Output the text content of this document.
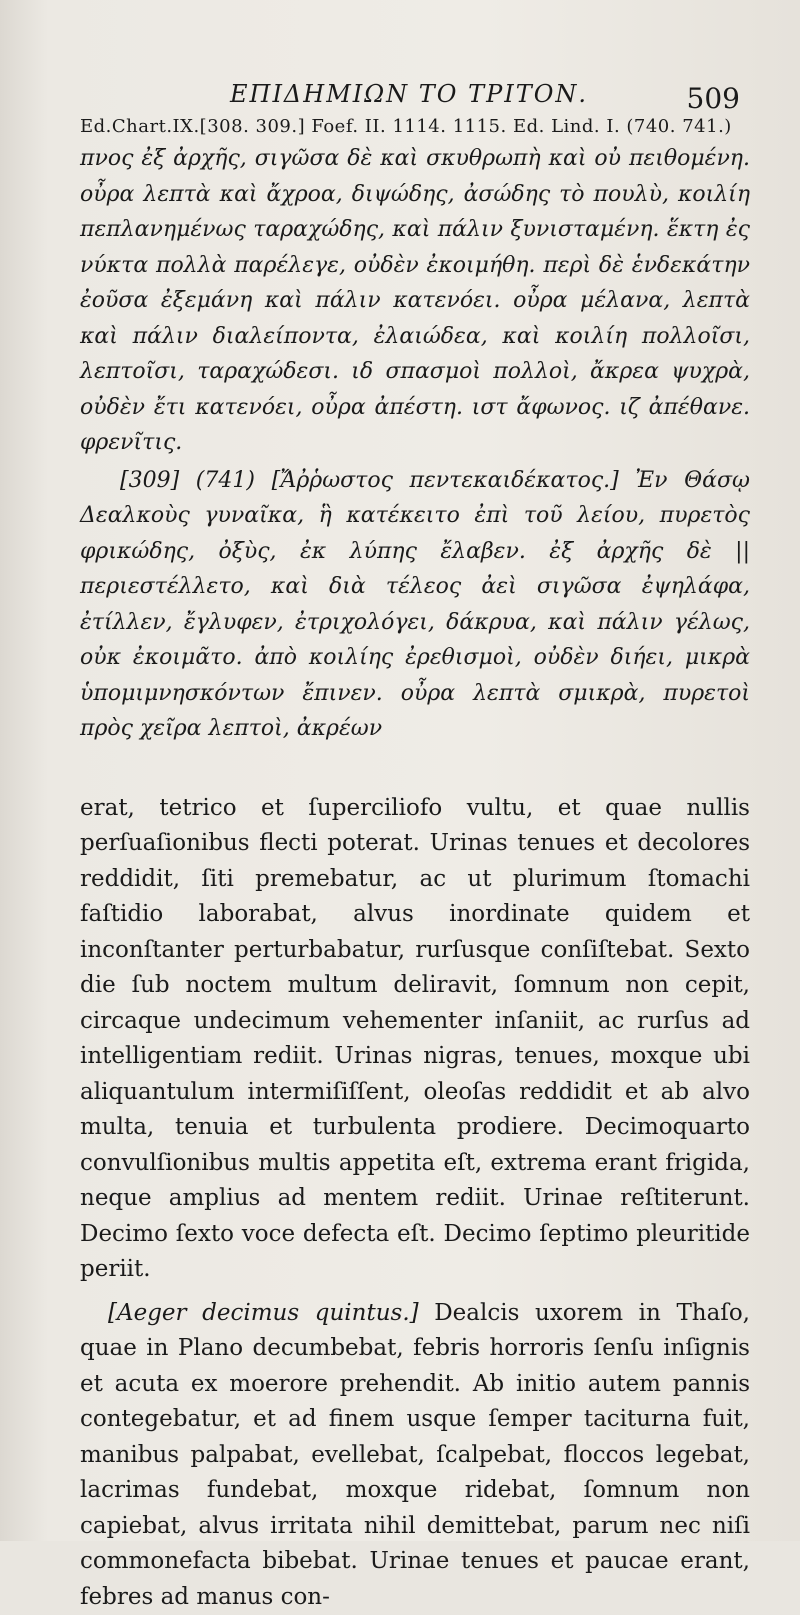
ΕΠΙΔΗΜΙΩΝ ΤΟ ΤΡΙΤΟΝ.	509
Ed.Chart.IX.[308. 309.] Foef. II. 1114. 1115. Ed. Lind. I. (740. 741.)

πνος ἐξ ἀρχῆς, σιγῶσα δὲ καὶ σκυθρωπὴ καὶ οὐ πειθομένη. οὖρα λεπτὰ καὶ ἄχροα, διψώδης, ἀσώδης τὸ πουλὺ, κοιλίη πεπλανημένως ταραχώδης, καὶ πάλιν ξυνισταμένη. ἕκτη ἐς νύκτα πολλὰ παρέλεγε, οὐδὲν ἐκοιμήθη. περὶ δὲ ἑνδεκάτην ἐοῦσα ἐξεμάνη καὶ πάλιν κατενόει. οὖρα μέλανα, λεπτὰ καὶ πάλιν διαλείποντα, ἐλαιώδεα, καὶ κοιλίη πολλοῖσι, λεπτοῖσι, ταραχώδεσι. ιδ σπασμοὶ πολλοὶ, ἄκρεα ψυχρὰ, οὐδὲν ἔτι κατενόει, οὖρα ἀπέστη. ιστ ἄφωνος. ιζ ἀπέθανε. φρενῖτις.

[309] (741) [Ἄῤῥωστος πεντεκαιδέκατος.] Ἐν Θάσῳ Δεαλκοὺς γυναῖκα, ἣ κατέκειτο ἐπὶ τοῦ λείου, πυρετὸς φρικώδης, ὀξὺς, ἐκ λύπης ἔλαβεν. ἐξ ἀρχῆς δὲ || περιεστέλλετο, καὶ διὰ τέλεος ἀεὶ σιγῶσα ἐψηλάφα, ἐτίλλεν, ἔγλυφεν, ἐτριχολόγει, δάκρυα, καὶ πάλιν γέλως, οὐκ ἐκοιμᾶτο. ἀπὸ κοιλίης ἐρεθισμοὶ, οὐδὲν διήει, μικρὰ ὑπομιμνησκόντων ἔπινεν. οὖρα λεπτὰ σμικρὰ, πυρετοὶ πρὸς χεῖρα λεπτοὶ, ἀκρέων

erat, tetrico et ſuperciliofo vultu, et quae nullis perſuaſionibus flecti poterat. Urinas tenues et decolores reddidit, ſiti premebatur, ac ut plurimum ſtomachi faſtidio laborabat, alvus inordinate quidem et inconſtanter perturbabatur, rurſusque conſiſtebat. Sexto die ſub noctem multum deliravit, ſomnum non cepit, circaque undecimum vehementer inſaniit, ac rurſus ad intelligentiam rediit. Urinas nigras, tenues, moxque ubi aliquantulum intermiſiſſent, oleoſas reddidit et ab alvo multa, tenuia et turbulenta prodiere. Decimoquarto convulſionibus multis appetita eſt, extrema erant frigida, neque amplius ad mentem rediit. Urinae reſtiterunt. Decimo ſexto voce defecta eſt. Decimo ſeptimo pleuritide periit.

[Aeger decimus quintus.] Dealcis uxorem in Thaſo, quae in Plano decumbebat, febris horroris ſenſu inſignis et acuta ex moerore prehendit. Ab initio autem pannis contegebatur, et ad finem usque ſemper taciturna fuit, manibus palpabat, evellebat, ſcalpebat, floccos legebat, lacrimas fundebat, moxque ridebat, ſomnum non capiebat, alvus irritata nihil demittebat, parum nec niſi commonefacta bibebat. Urinae tenues et paucae erant, febres ad manus con-
